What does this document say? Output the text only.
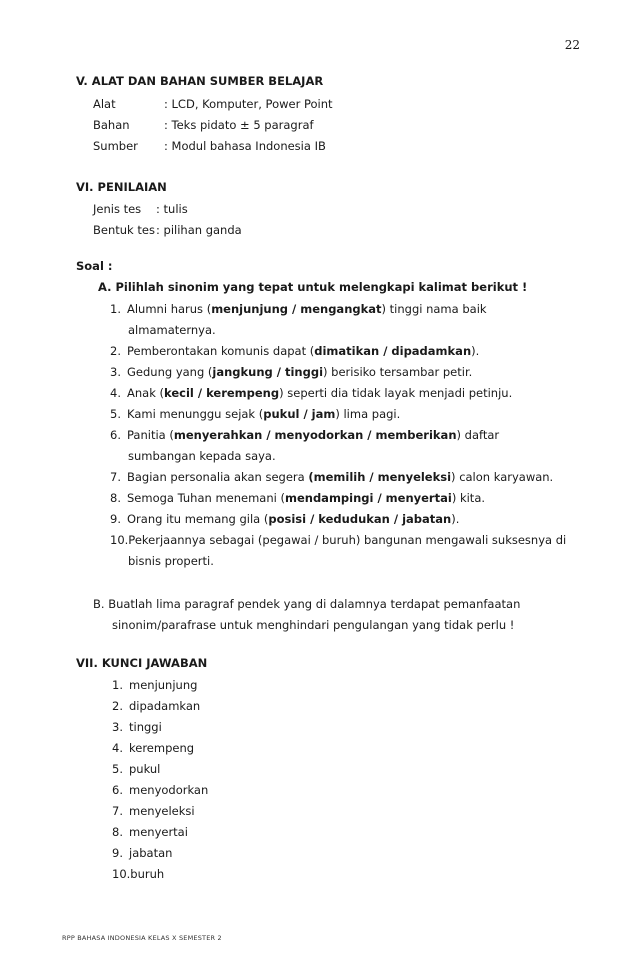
22
V. ALAT DAN BAHAN SUMBER BELAJAR
Alat	: LCD, Komputer, Power Point
Bahan	: Teks pidato ± 5 paragraf
Sumber : Modul bahasa Indonesia IB
VI. PENILAIAN
Jenis tes : tulis
Bentuk tes : pilihan ganda
Soal :
A. Pilihlah sinonim yang tepat untuk melengkapi kalimat berikut !
1. Alumni harus (menjunjung / mengangkat) tinggi nama baik
almamaternya.
2. Pemberontakan komunis dapat (dimatikan / dipadamkan).
3. Gedung yang (jangkung / tinggi) berisiko tersambar petir.
4. Anak (kecil / kerempeng) seperti dia tidak layak menjadi petinju.
5. Kami menunggu sejak (pukul / jam) lima pagi.
6. Panitia (menyerahkan / menyodorkan / memberikan) daftar
sumbangan kepada saya.
7. Bagian personalia akan segera (memilih / menyeleksi) calon karyawan.
8. Semoga Tuhan menemani (mendampingi / menyertai) kita.
9. Orang itu memang gila (posisi / kedudukan / jabatan).
10.Pekerjaannya sebagai (pegawai / buruh) bangunan mengawali suksesnya di
bisnis properti.
B. Buatlah lima paragraf pendek yang di dalamnya terdapat pemanfaatan
sinonim/parafrase untuk menghindari pengulangan yang tidak perlu !
VII. KUNCI JAWABAN
1. menjunjung
2. dipadamkan
3. tinggi
4. kerempeng
5. pukul
6. menyodorkan
7. menyeleksi
8. menyertai
9. jabatan
10.buruh
RPP BAHASA INDONESIA KELAS X SEMESTER 2
